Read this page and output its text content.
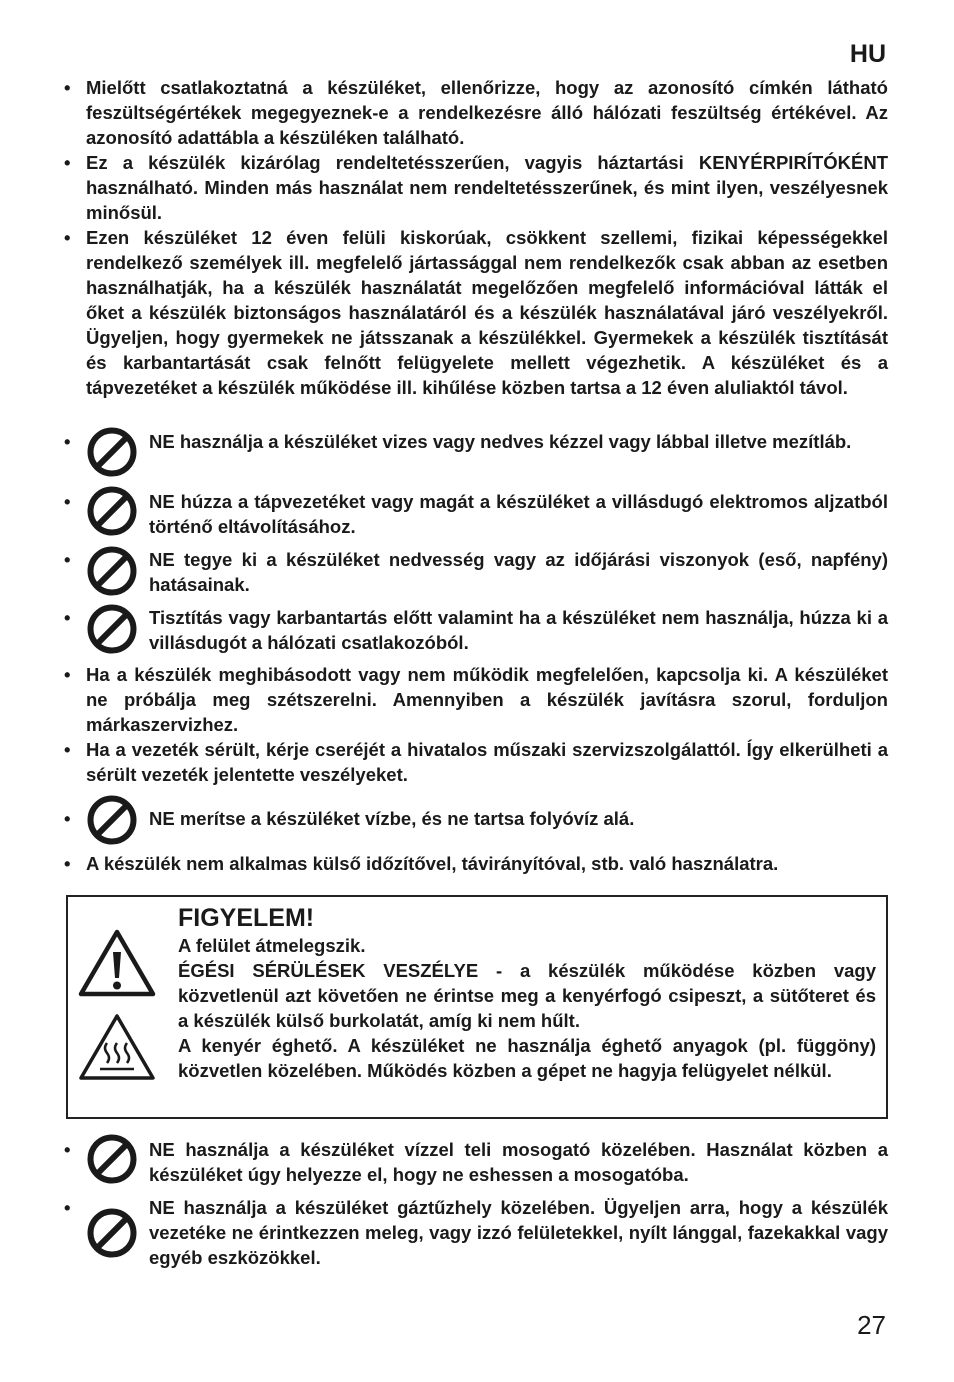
HU
• Mielőtt csatlakoztatná a készüléket, ellenőrizze, hogy az azonosító címkén látható feszültségértékek megegyeznek-e a rendelkezésre álló hálózati feszültség értékével. Az azonosító adattábla a készüléken található.
• Ez a készülék kizárólag rendeltetésszerűen, vagyis háztartási KENYÉRPIRÍTÓKÉNT használható. Minden más használat nem rendeltetésszerűnek, és mint ilyen, veszélyesnek minősül.
• Ezen készüléket 12 éven felüli kiskorúak, csökkent szellemi, fizikai képességekkel rendelkező személyek ill. megfelelő jártassággal nem rendelkezők csak abban az esetben használhatják, ha a készülék használatát megelőzően megfelelő információval látták el őket a készülék biztonságos használatáról és a készülék használatával járó veszélyekről. Ügyeljen, hogy gyermekek ne játsszanak a készülékkel. Gyermekek a készülék tisztítását és karbantartását csak felnőtt felügyelete mellett végezhetik. A készüléket és a tápvezetéket a készülék működése ill. kihűlése közben tartsa a 12 éven aluliaktól távol.
•	NE használja a készüléket vizes vagy nedves kézzel vagy lábbal illetve mezítláb.
•	NE húzza a tápvezetéket vagy magát a készüléket a villásdugó elektromos aljzatból történő eltávolításához.
•	NE tegye ki a készüléket nedvesség vagy az időjárási viszonyok (eső, napfény) hatásainak.
•	Tisztítás vagy karbantartás előtt valamint ha a készüléket nem használja, húzza ki a villásdugót a hálózati csatlakozóból.
• Ha a készülék meghibásodott vagy nem működik megfelelően, kapcsolja ki. A készüléket ne próbálja meg szétszerelni. Amennyiben a készülék javításra szorul, forduljon márkaszervizhez.
• Ha a vezeték sérült, kérje cseréjét a hivatalos műszaki szervizszolgálattól. Így elkerülheti a sérült vezeték jelentette veszélyeket.
•	NE merítse a készüléket vízbe, és ne tartsa folyóvíz alá.
• A készülék nem alkalmas külső időzítővel, távirányítóval, stb. való használatra.
FIGYELEM!
A felület átmelegszik.
ÉGÉSI SÉRÜLÉSEK VESZÉLYE - a készülék működése közben vagy közvetlenül azt követően ne érintse meg a kenyérfogó csipeszt, a sütőteret és a készülék külső burkolatát, amíg ki nem hűlt.
A kenyér éghető. A készüléket ne használja éghető anyagok (pl. függöny) közvetlen közelében. Működés közben a gépet ne hagyja felügyelet nélkül.
•	NE használja a készüléket vízzel teli mosogató közelében. Használat közben a készüléket úgy helyezze el, hogy ne eshessen a mosogatóba.
•	NE használja a készüléket gáztűzhely közelében. Ügyeljen arra, hogy a készülék vezetéke ne érintkezzen meleg, vagy izzó felületekkel, nyílt lánggal, fazekakkal vagy egyéb eszközökkel.
27
